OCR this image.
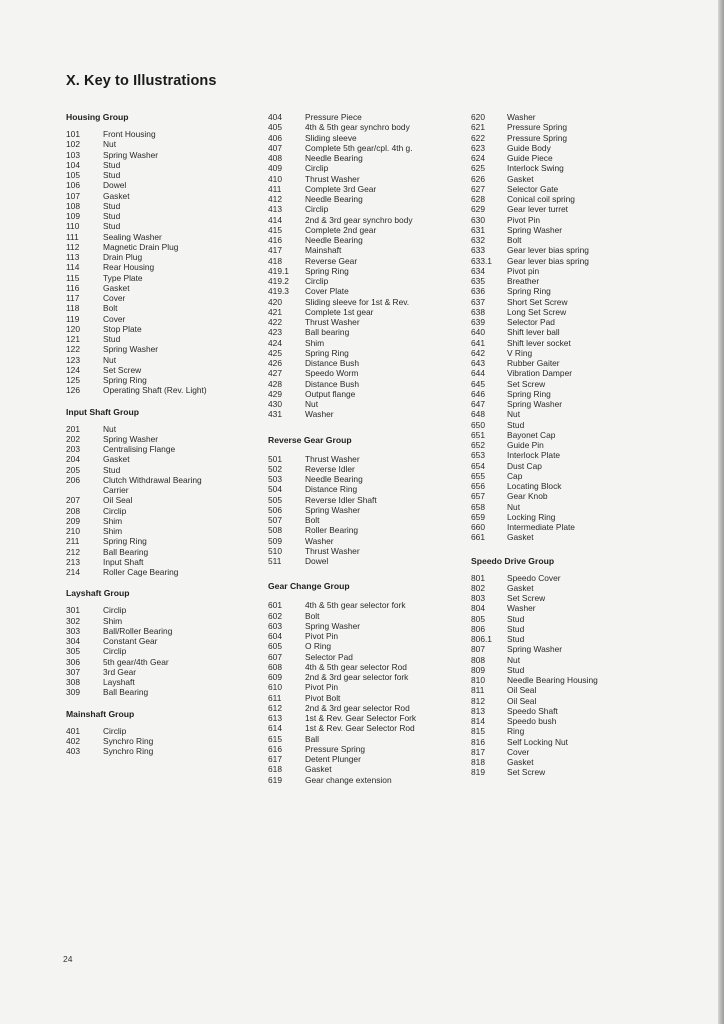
X. Key to Illustrations
Housing Group
101	Front Housing
102	Nut
103	Spring Washer
104	Stud
105	Stud
106	Dowel
107	Gasket
108	Stud
109	Stud
110	Stud
111	Sealing Washer
112	Magnetic Drain Plug
113	Drain Plug
114	Rear Housing
115	Type Plate
116	Gasket
117	Cover
118	Bolt
119	Cover
120	Stop Plate
121	Stud
122	Spring Washer
123	Nut
124	Set Screw
125	Spring Ring
126	Operating Shaft (Rev. Light)
Input Shaft Group
201	Nut
202	Spring Washer
203	Centralising Flange
204	Gasket
205	Stud
206	Clutch Withdrawal Bearing
Carrier
207	Oil Seal
208	Circlip
209	Shim
210	Shim
211	Spring Ring
212	Ball Bearing
213	Input Shaft
214	Roller Cage Bearing
Layshaft Group
301	Circlip
302	Shim
303	Ball/Roller Bearing
304	Constant Gear
305	Circlip
306	5th gear/4th Gear
307	3rd Gear
308	Layshaft
309	Ball Bearing
Mainshaft Group
401	Circlip
402	Synchro Ring
403	Synchro Ring
404	Pressure Piece
405	4th & 5th gear synchro body
406	Sliding sleeve
407	Complete 5th gear/cpl. 4th g.
408	Needle Bearing
409	Circlip
410	Thrust Washer
411	Complete 3rd Gear
412	Needle Bearing
413	Circlip
414	2nd & 3rd gear synchro body
415	Complete 2nd gear
416	Needle Bearing
417	Mainshaft
418	Reverse Gear
419.1	Spring Ring
419.2	Circlip
419.3	Cover Plate
420	Sliding sleeve for 1st & Rev.
421	Complete 1st gear
422	Thrust Washer
423	Ball bearing
424	Shim
425	Spring Ring
426	Distance Bush
427	Speedo Worm
428	Distance Bush
429	Output flange
430	Nut
431	Washer
Reverse Gear Group
501	Thrust Washer
502	Reverse Idler
503	Needle Bearing
504	Distance Ring
505	Reverse Idler Shaft
506	Spring Washer
507	Bolt
508	Roller Bearing
509	Washer
510	Thrust Washer
511	Dowel
Gear Change Group
601	4th & 5th gear selector fork
602	Bolt
603	Spring Washer
604	Pivot Pin
605	O Ring
607	Selector Pad
608	4th & 5th gear selector Rod
609	2nd & 3rd gear selector fork
610	Pivot Pin
611	Pivot Bolt
612	2nd & 3rd gear selector Rod
613	1st & Rev. Gear Selector Fork
614	1st & Rev. Gear Selector Rod
615	Ball
616	Pressure Spring
617	Detent Plunger
618	Gasket
619	Gear change extension
620	Washer
621	Pressure Spring
622	Pressure Spring
623	Guide Body
624	Guide Piece
625	Interlock Swing
626	Gasket
627	Selector Gate
628	Conical coil spring
629	Gear lever turret
630	Pivot Pin
631	Spring Washer
632	Bolt
633	Gear lever bias spring
633.1	Gear lever bias spring
634	Pivot pin
635	Breather
636	Spring Ring
637	Short Set Screw
638	Long Set Screw
639	Selector Pad
640	Shift lever ball
641	Shift lever socket
642	V Ring
643	Rubber Gaiter
644	Vibration Damper
645	Set Screw
646	Spring Ring
647	Spring Washer
648	Nut
650	Stud
651	Bayonet Cap
652	Guide Pin
653	Interlock Plate
654	Dust Cap
655	Cap
656	Locating Block
657	Gear Knob
658	Nut
659	Locking Ring
660	Intermediate Plate
661	Gasket
Speedo Drive Group
801	Speedo Cover
802	Gasket
803	Set Screw
804	Washer
805	Stud
806	Stud
806.1	Stud
807	Spring Washer
808	Nut
809	Stud
810	Needle Bearing Housing
811	Oil Seal
812	Oil Seal
813	Speedo Shaft
814	Speedo bush
815	Ring
816	Self Locking Nut
817	Cover
818	Gasket
819	Set Screw
24
